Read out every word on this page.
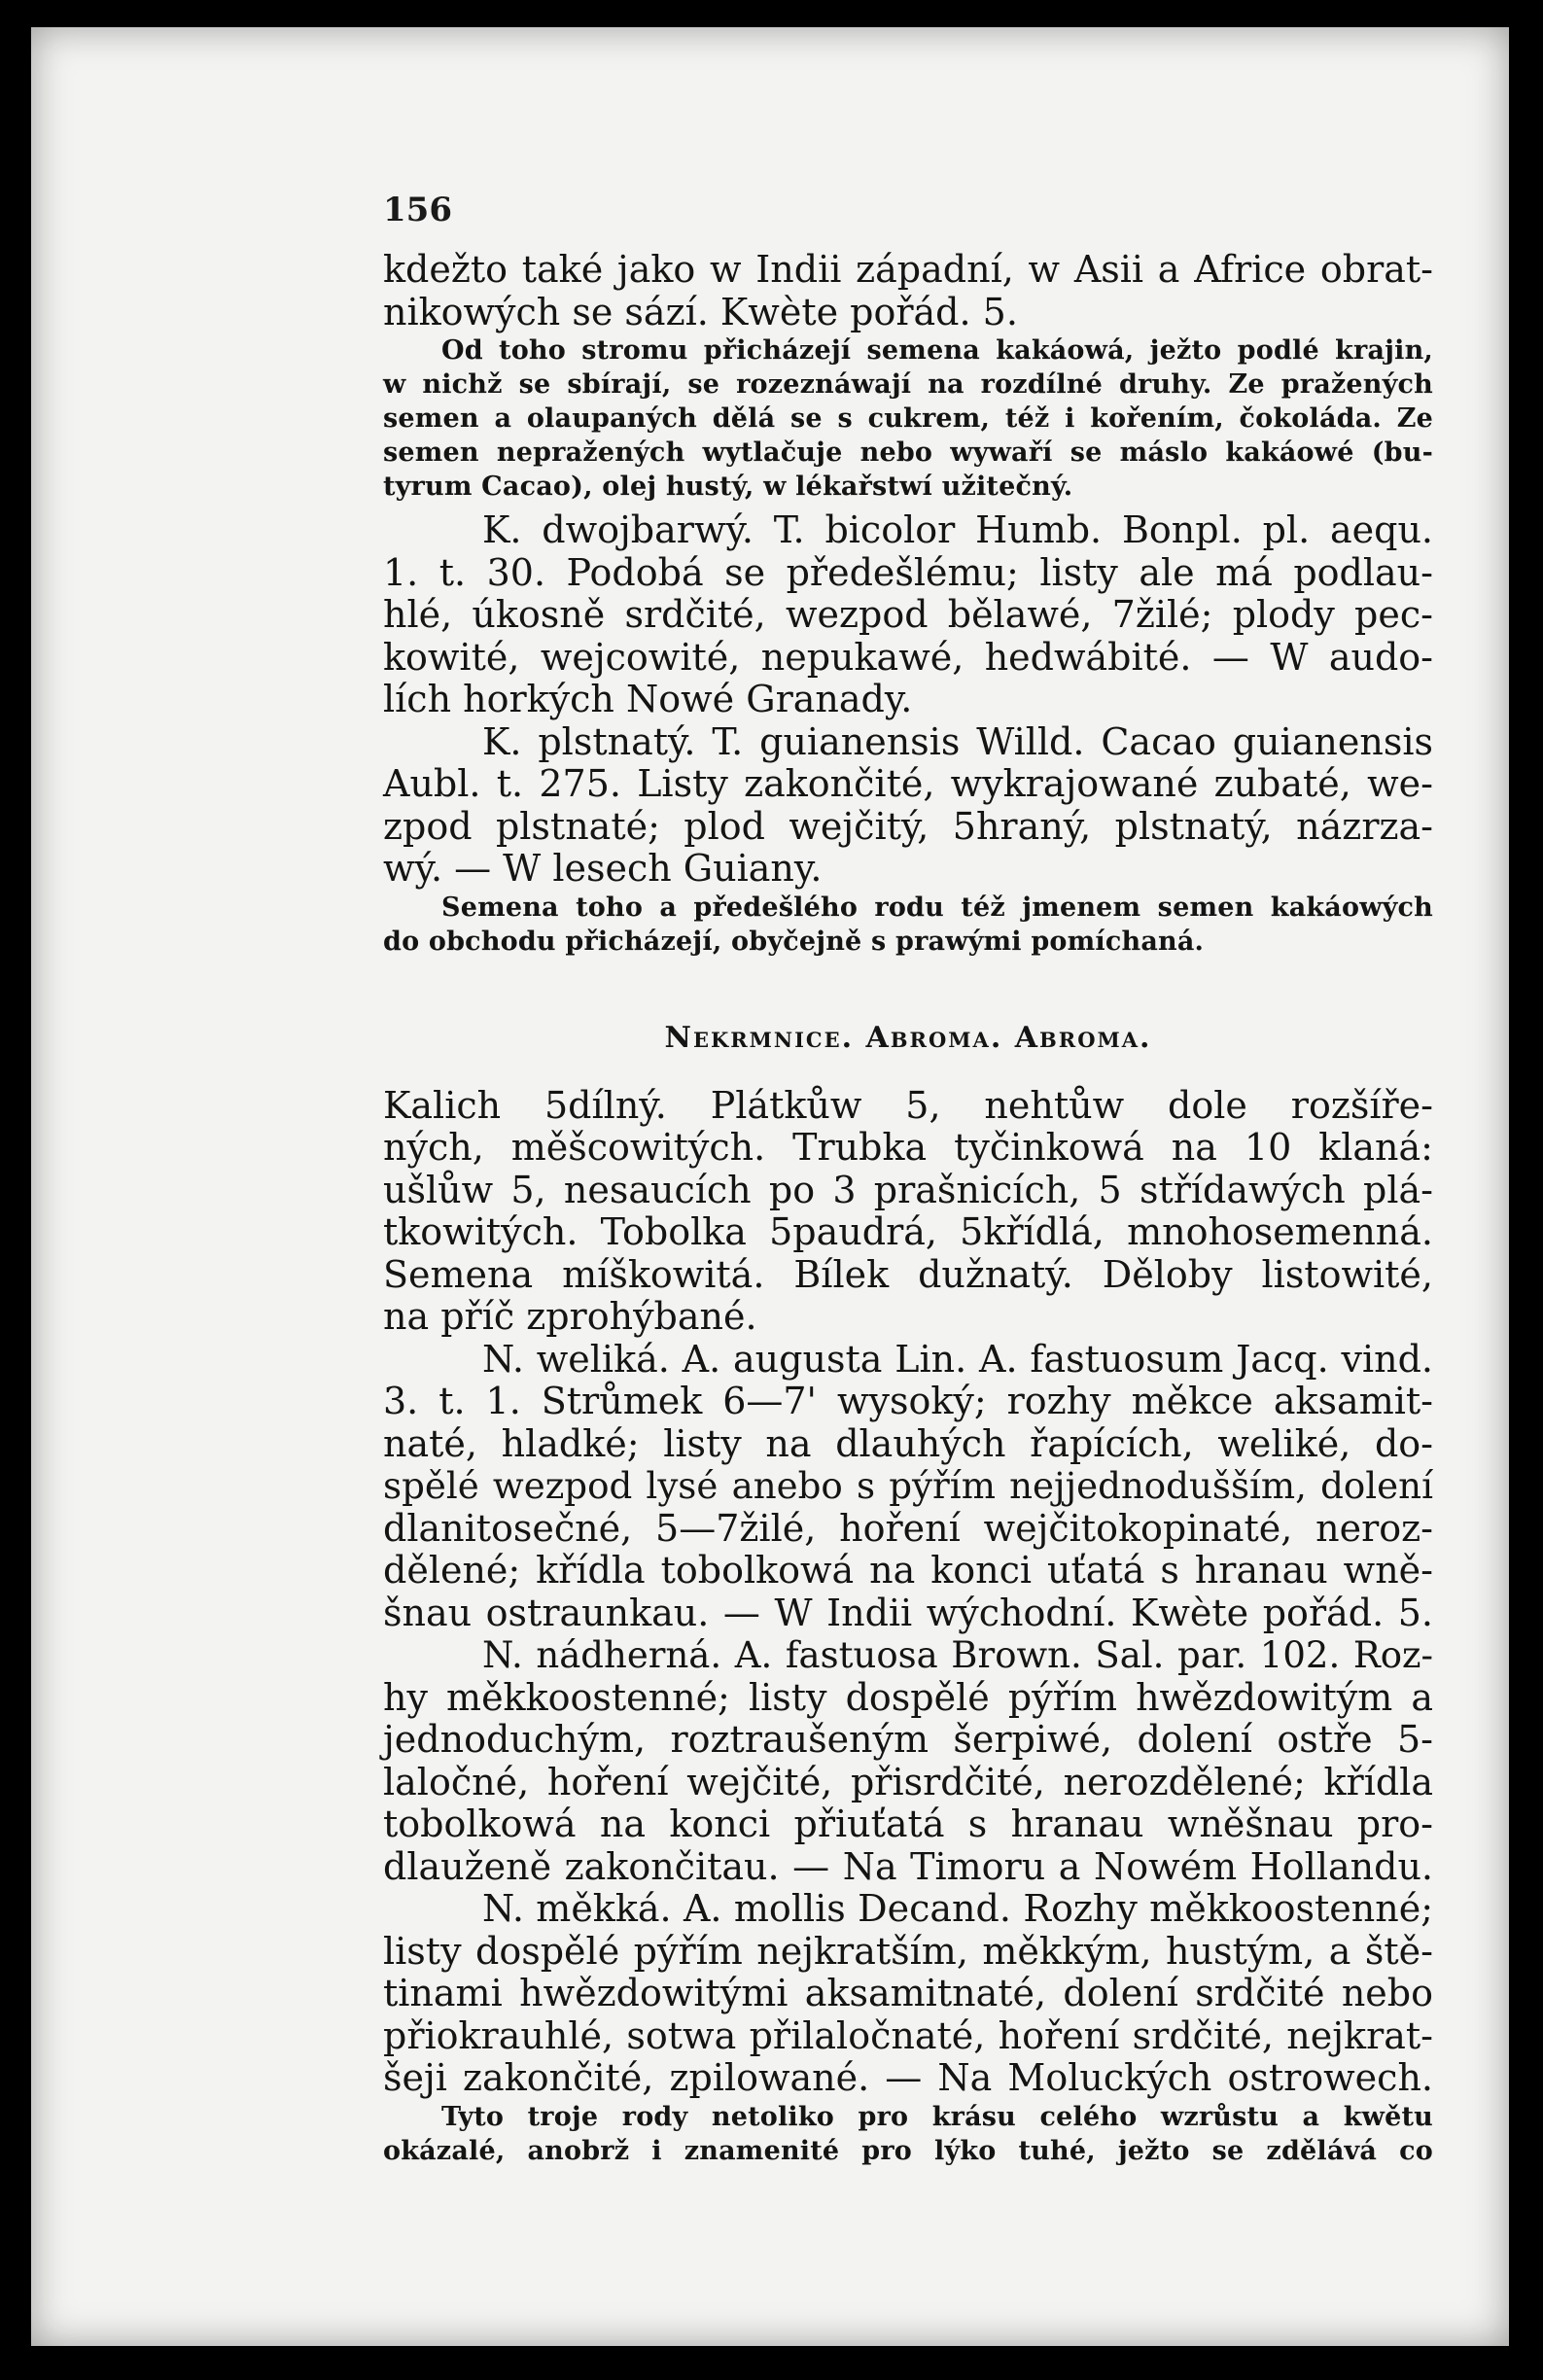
156
kdežto také jako w Indii západní, w Asii a Africe obrat-
nikowých se sází. Kwète pořád. 5.
Od toho stromu přicházejí semena kakáowá, ježto podlé krajin,
w nichž se sbírají, se rozeznáwají na rozdílné druhy. Ze pražených
semen a olaupaných dělá se s cukrem, též i kořením, čokoláda. Ze
semen nepražených wytlačuje nebo wywaří se máslo kakáowé (bu-
tyrum Cacao), olej hustý, w lékařstwí užitečný.
K. dwojbarwý. T. bicolor Humb. Bonpl. pl. aequ.
1. t. 30. Podobá se předešlému; listy ale má podlau-
hlé, úkosně srdčité, wezpod bělawé, 7žilé; plody pec-
kowité, wejcowité, nepukawé, hedwábité. — W audo-
lích horkých Nowé Granady.
K. plstnatý. T. guianensis Willd. Cacao guianensis
Aubl. t. 275. Listy zakončité, wykrajowané zubaté, we-
zpod plstnaté; plod wejčitý, 5hraný, plstnatý, názrza-
wý. — W lesech Guiany.
Semena toho a předešlého rodu též jmenem semen kakáowých
do obchodu přicházejí, obyčejně s prawými pomíchaná.
Nekrmnice. Abroma. Abroma.
Kalich 5dílný. Plátkůw 5, nehtůw dole rozšíře-
ných, měšcowitých. Trubka tyčinkowá na 10 klaná:
ušlůw 5, nesaucích po 3 prašnicích, 5 střídawých plá-
tkowitých. Tobolka 5paudrá, 5křídlá, mnohosemenná.
Semena míškowitá. Bílek dužnatý. Děloby listowité,
na příč zprohýbané.
N. weliká. A. augusta Lin. A. fastuosum Jacq. vind.
3. t. 1. Strůmek 6—7' wysoký; rozhy měkce aksamit-
naté, hladké; listy na dlauhých řapících, weliké, do-
spělé wezpod lysé anebo s pýřím nejjednodušším, dolení
dlanitosečné, 5—7žilé, hoření wejčitokopinaté, neroz-
dělené; křídla tobolkowá na konci uťatá s hranau wně-
šnau ostraunkau. — W Indii wýchodní. Kwète pořád. 5.
N. nádherná. A. fastuosa Brown. Sal. par. 102. Roz-
hy měkkoostenné; listy dospělé pýřím hwězdowitým a
jednoduchým, roztraušeným šerpiwé, dolení ostře 5-
laločné, hoření wejčité, přisrdčité, nerozdělené; křídla
tobolkowá na konci přiuťatá s hranau wněšnau pro-
dlauženě zakončitau. — Na Timoru a Nowém Hollandu.
N. měkká. A. mollis Decand. Rozhy měkkoostenné;
listy dospělé pýřím nejkratším, měkkým, hustým, a ště-
tinami hwězdowitými aksamitnaté, dolení srdčité nebo
přiokrauhlé, sotwa přilaločnaté, hoření srdčité, nejkrat-
šeji zakončité, zpilowané. — Na Moluckých ostrowech.
Tyto troje rody netoliko pro krásu celého wzrůstu a kwětu
okázalé, anobrž i znamenité pro lýko tuhé, ježto se zdělává co
